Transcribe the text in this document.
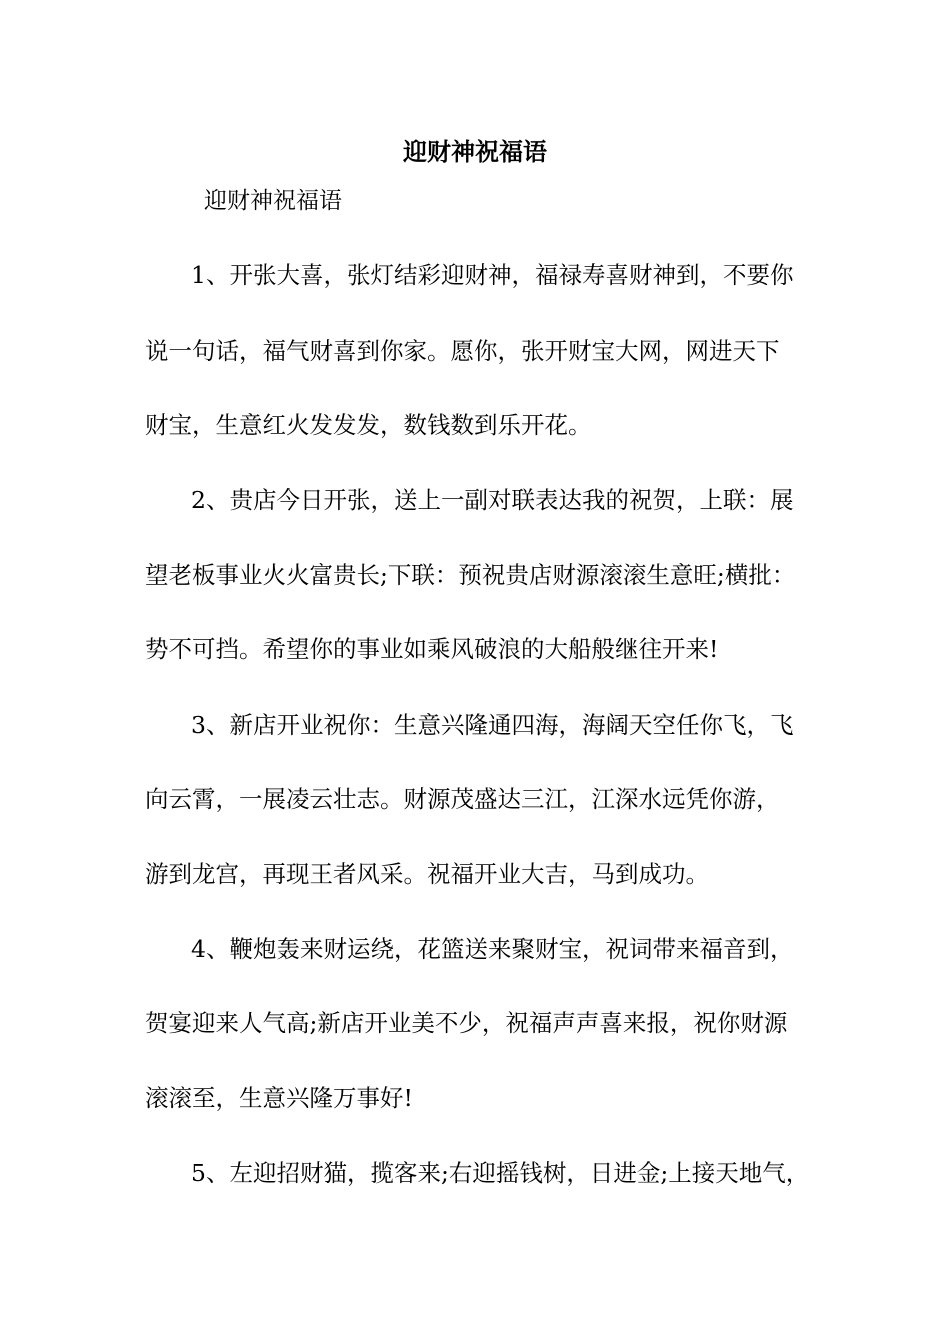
迎财神祝福语
迎财神祝福语
1、开张大喜，张灯结彩迎财神，福禄寿喜财神到，不要你
说一句话，福气财喜到你家。愿你，张开财宝大网，网进天下
财宝，生意红火发发发，数钱数到乐开花。
2、贵店今日开张，送上一副对联表达我的祝贺，上联：展
望老板事业火火富贵长;下联：预祝贵店财源滚滚生意旺;横批：
势不可挡。希望你的事业如乘风破浪的大船般继往开来!
3、新店开业祝你：生意兴隆通四海，海阔天空任你飞，飞
向云霄，一展凌云壮志。财源茂盛达三江，江深水远凭你游，
游到龙宫，再现王者风采。祝福开业大吉，马到成功。
4、鞭炮轰来财运绕，花篮送来聚财宝，祝词带来福音到，
贺宴迎来人气高;新店开业美不少，祝福声声喜来报，祝你财源
滚滚至，生意兴隆万事好!
5、左迎招财猫，揽客来;右迎摇钱树，日进金;上接天地气，
